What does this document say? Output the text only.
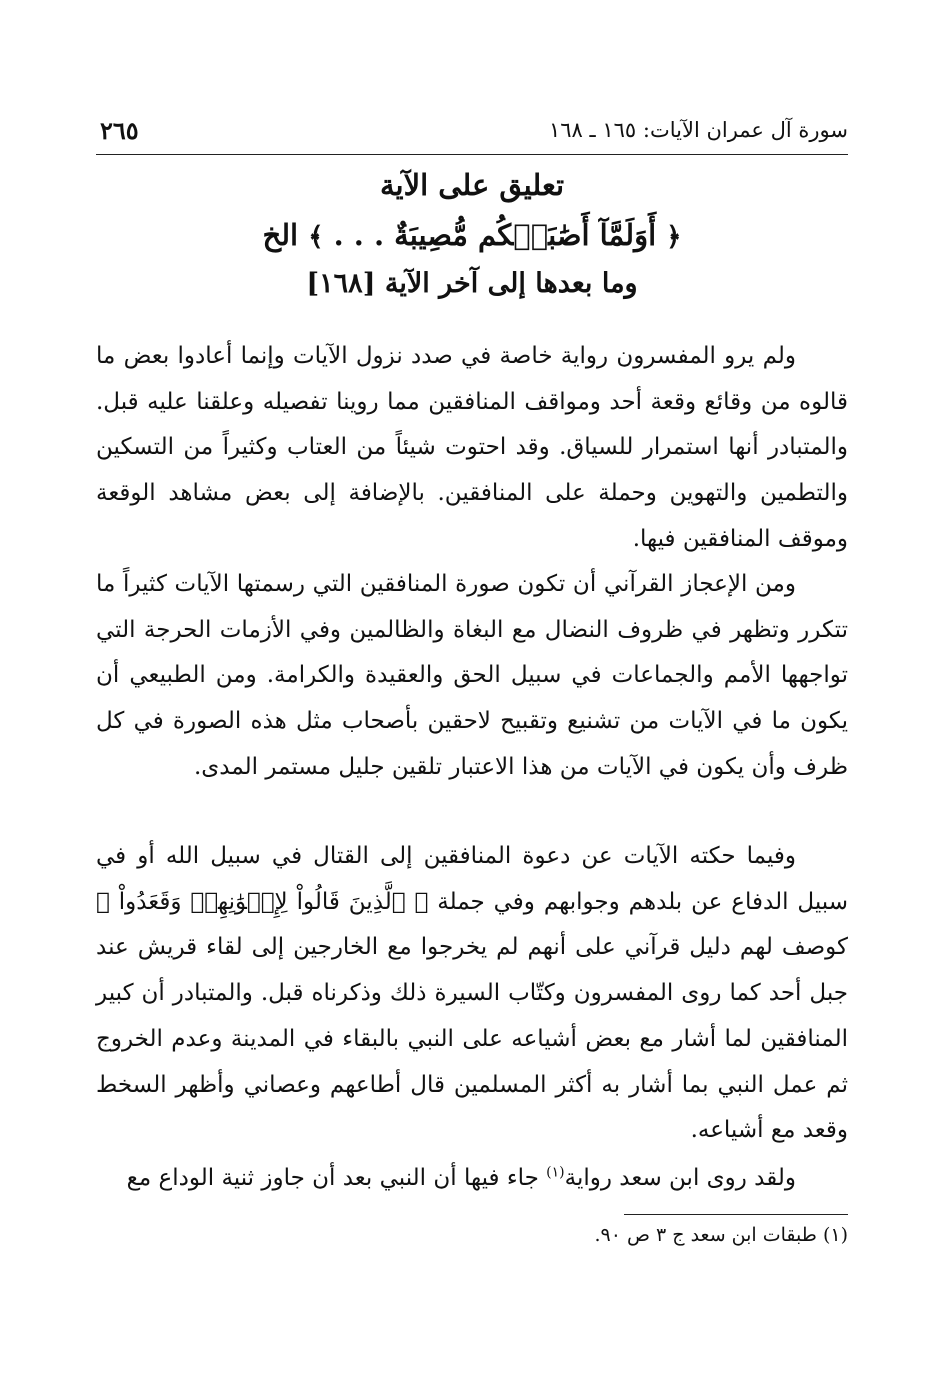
سورة آل عمران الآيات: ١٦٥ ـ ١٦٨
٢٦٥
تعليق على الآية
﴿ أَوَلَمَّآ أَصَٰبَتۡكُم مُّصِيبَةٌ . . . ﴾ الخ
وما بعدها إلى آخر الآية [١٦٨]

ولم يرو المفسرون رواية خاصة في صدد نزول الآيات وإنما أعادوا بعض ما قالوه من وقائع وقعة أحد ومواقف المنافقين مما روينا تفصيله وعلقنا عليه قبل. والمتبادر أنها استمرار للسياق. وقد احتوت شيئاً من العتاب وكثيراً من التسكين والتطمين والتهوين وحملة على المنافقين. بالإضافة إلى بعض مشاهد الوقعة وموقف المنافقين فيها.

ومن الإعجاز القرآني أن تكون صورة المنافقين التي رسمتها الآيات كثيراً ما تتكرر وتظهر في ظروف النضال مع البغاة والظالمين وفي الأزمات الحرجة التي تواجهها الأمم والجماعات في سبيل الحق والعقيدة والكرامة. ومن الطبيعي أن يكون ما في الآيات من تشنيع وتقبيح لاحقين بأصحاب مثل هذه الصورة في كل ظرف وأن يكون في الآيات من هذا الاعتبار تلقين جليل مستمر المدى.

وفيما حكته الآيات عن دعوة المنافقين إلى القتال في سبيل الله أو في سبيل الدفاع عن بلدهم وجوابهم وفي جملة ﴿ ٱلَّذِينَ قَالُواْ لِإِخۡوَٰنِهِمۡ وَقَعَدُواْ ﴾ كوصف لهم دليل قرآني على أنهم لم يخرجوا مع الخارجين إلى لقاء قريش عند جبل أحد كما روى المفسرون وكتّاب السيرة ذلك وذكرناه قبل. والمتبادر أن كبير المنافقين لما أشار مع بعض أشياعه على النبي بالبقاء في المدينة وعدم الخروج ثم عمل النبي بما أشار به أكثر المسلمين قال أطاعهم وعصاني وأظهر السخط وقعد مع أشياعه.

ولقد روى ابن سعد رواية$^{(١)}$ جاء فيها أن النبي بعد أن جاوز ثنية الوداع مع

(١) طبقات ابن سعد ج ٣ ص ٩٠.
